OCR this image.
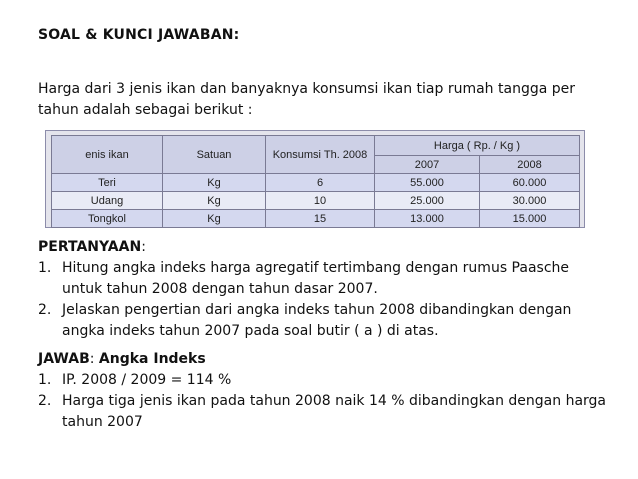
SOAL & KUNCI JAWABAN:
Harga dari 3 jenis ikan dan banyaknya konsumsi ikan tiap rumah tangga per tahun adalah sebagai berikut :
enis ikan	Satuan	Konsumsi Th. 2008	Harga ( Rp. / Kg )	
			2007	2008
Teri	Kg	6	55.000	60.000
Udang	Kg	10	25.000	30.000
Tongkol	Kg	15	13.000	15.000
PERTANYAAN:
1. Hitung angka indeks harga agregatif tertimbang dengan rumus Paasche untuk tahun 2008 dengan tahun dasar 2007.
2. Jelaskan pengertian dari angka indeks tahun 2008 dibandingkan dengan angka indeks tahun 2007 pada soal butir ( a ) di atas.
JAWAB: Angka Indeks
1. IP. 2008 / 2009 = 114 %
2. Harga tiga jenis ikan pada tahun 2008 naik 14 % dibandingkan dengan harga tahun 2007
